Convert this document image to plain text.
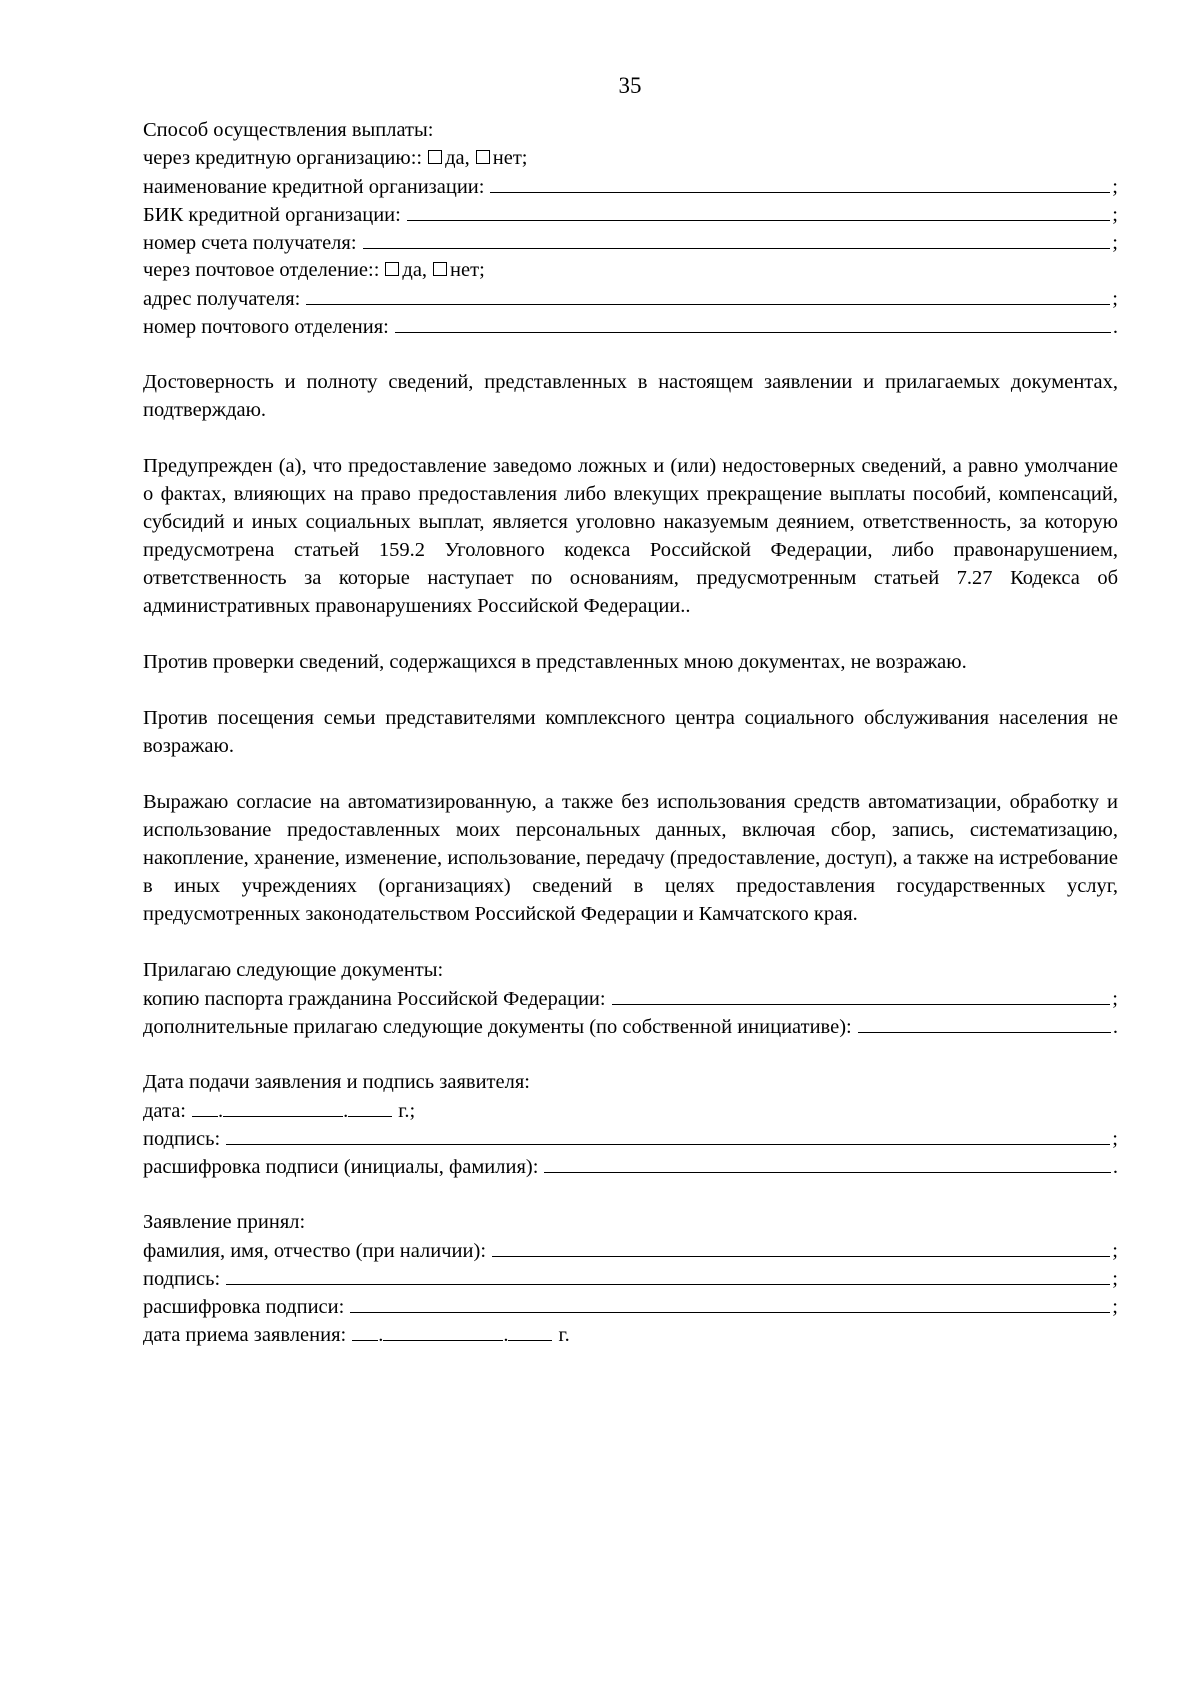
35
Способ осуществления выплаты:
через кредитную организацию:: да, нет;
наименование кредитной организации:	;
БИК кредитной организации:	;
номер счета получателя:	;
через почтовое отделение:: да, нет;
адрес получателя:	;
номер почтового отделения:	.
Достоверность и полноту сведений, представленных в настоящем заявлении и прилагаемых документах, подтверждаю.
Предупрежден (а), что предоставление заведомо ложных и (или) недостоверных сведений, а равно умолчание о фактах, влияющих на право предоставления либо влекущих прекращение выплаты пособий, компенсаций, субсидий и иных социальных выплат, является уголовно наказуемым деянием, ответственность, за которую предусмотрена статьей 159.2 Уголовного кодекса Российской Федерации, либо правонарушением, ответственность за которые наступает по основаниям, предусмотренным статьей 7.27 Кодекса об административных правонарушениях Российской Федерации..
Против проверки сведений, содержащихся в представленных мною документах, не возражаю.
Против посещения семьи представителями комплексного центра социального обслуживания населения не возражаю.
Выражаю согласие на автоматизированную, а также без использования средств автоматизации, обработку и использование предоставленных моих персональных данных, включая сбор, запись, систематизацию, накопление, хранение, изменение, использование, передачу (предоставление, доступ), а также на истребование в иных учреждениях (организациях) сведений в целях предоставления государственных услуг, предусмотренных законодательством Российской Федерации и Камчатского края.
Прилагаю следующие документы:
копию паспорта гражданина Российской Федерации:	;
дополнительные прилагаю следующие документы (по собственной инициативе):	.
Дата подачи заявления и подпись заявителя:
дата: .	. г.;
подпись:	;
расшифровка подписи (инициалы, фамилия):	.
Заявление принял:
фамилия, имя, отчество (при наличии):	;
подпись:	;
расшифровка подписи:	;
дата приема заявления: .	. г.
